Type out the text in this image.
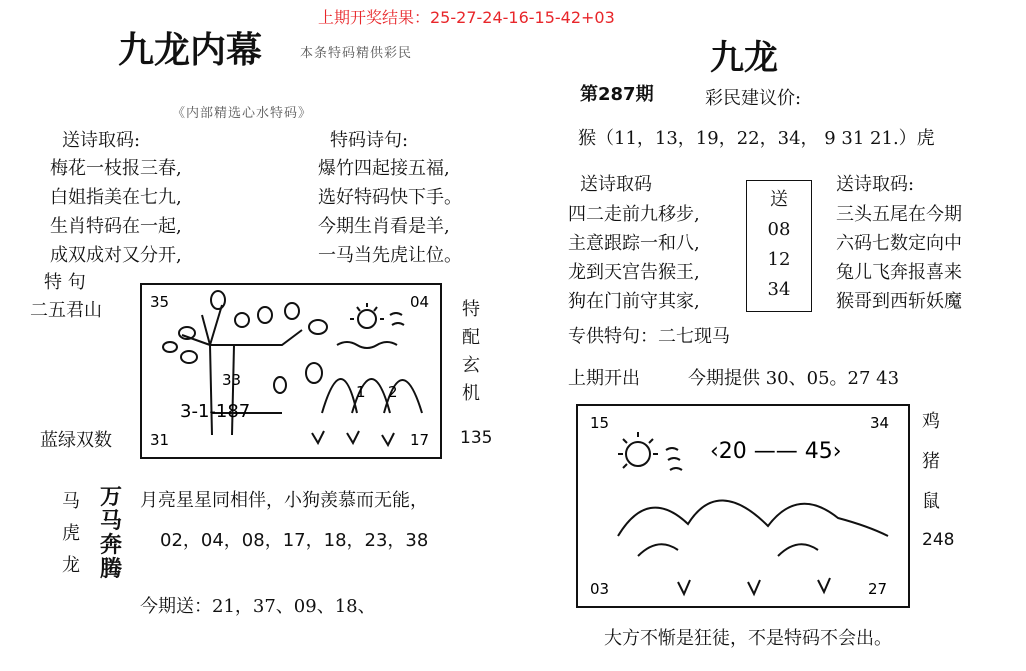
上期开奖结果：25-27-24-16-15-42+03
九龙内幕	本条特码精供彩民
《内部精选心水特码》
送诗取码:	特码诗句:
梅花一枝报三春,
白姐指美在七九,
生肖特码在一起,
成双成对又分开,
爆竹四起接五福,
选好特码快下手。
今期生肖看是羊,
一马当先虎让位。
特 句
二五君山
蓝绿双数
35	04
31	17
3-1-187
33
1 2
特
配
玄
机
135
马
虎
龙
万
马
奔
腾
月亮星星同相伴，小狗羡慕而无能，
02，04，08，17，18，23，38
今期送：21，37、09、18、
九龙
第287期	彩民建议价:
猴（11，13，19，22，34， 9 31 21.）虎
送诗取码	送诗取码:
四二走前九移步,
主意跟踪一和八,
龙到天宫告猴王,
狗在门前守其家,
送
08
12
34
三头五尾在今期
六码七数定向中
兔儿飞奔报喜来
猴哥到西斩妖魔
专供特句：二七现马
上期开出	今期提供 30、05。27 43
15	34
03	27
‹20 —— 45›
鸡
猪
鼠
248
大方不惭是狂徒，不是特码不会出。
